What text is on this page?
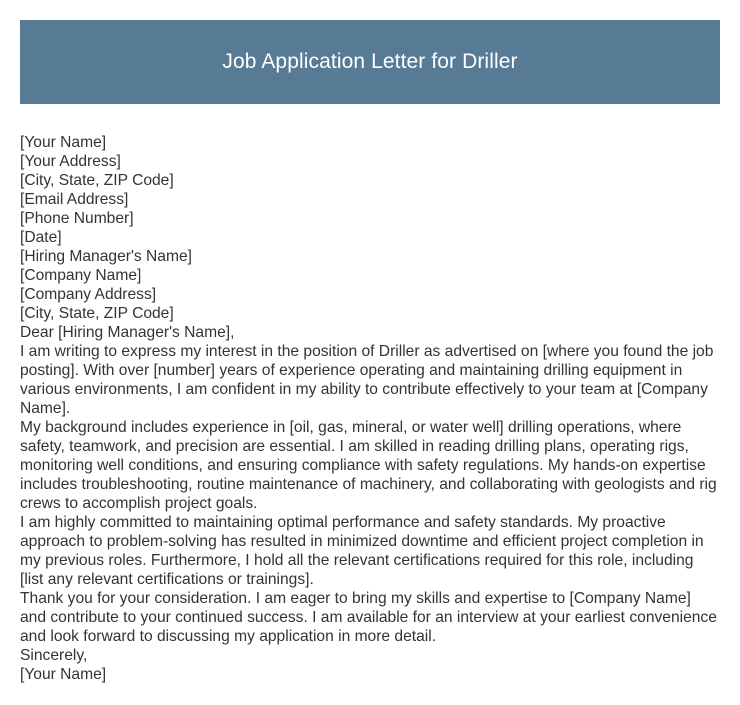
Job Application Letter for Driller
[Your Name]
[Your Address]
[City, State, ZIP Code]
[Email Address]
[Phone Number]
[Date]
[Hiring Manager's Name]
[Company Name]
[Company Address]
[City, State, ZIP Code]
Dear [Hiring Manager's Name],
I am writing to express my interest in the position of Driller as advertised on [where you found the job posting]. With over [number] years of experience operating and maintaining drilling equipment in various environments, I am confident in my ability to contribute effectively to your team at [Company Name].
My background includes experience in [oil, gas, mineral, or water well] drilling operations, where safety, teamwork, and precision are essential. I am skilled in reading drilling plans, operating rigs, monitoring well conditions, and ensuring compliance with safety regulations. My hands-on expertise includes troubleshooting, routine maintenance of machinery, and collaborating with geologists and rig crews to accomplish project goals.
I am highly committed to maintaining optimal performance and safety standards. My proactive approach to problem-solving has resulted in minimized downtime and efficient project completion in my previous roles. Furthermore, I hold all the relevant certifications required for this role, including [list any relevant certifications or trainings].
Thank you for your consideration. I am eager to bring my skills and expertise to [Company Name] and contribute to your continued success. I am available for an interview at your earliest convenience and look forward to discussing my application in more detail.
Sincerely,
[Your Name]
